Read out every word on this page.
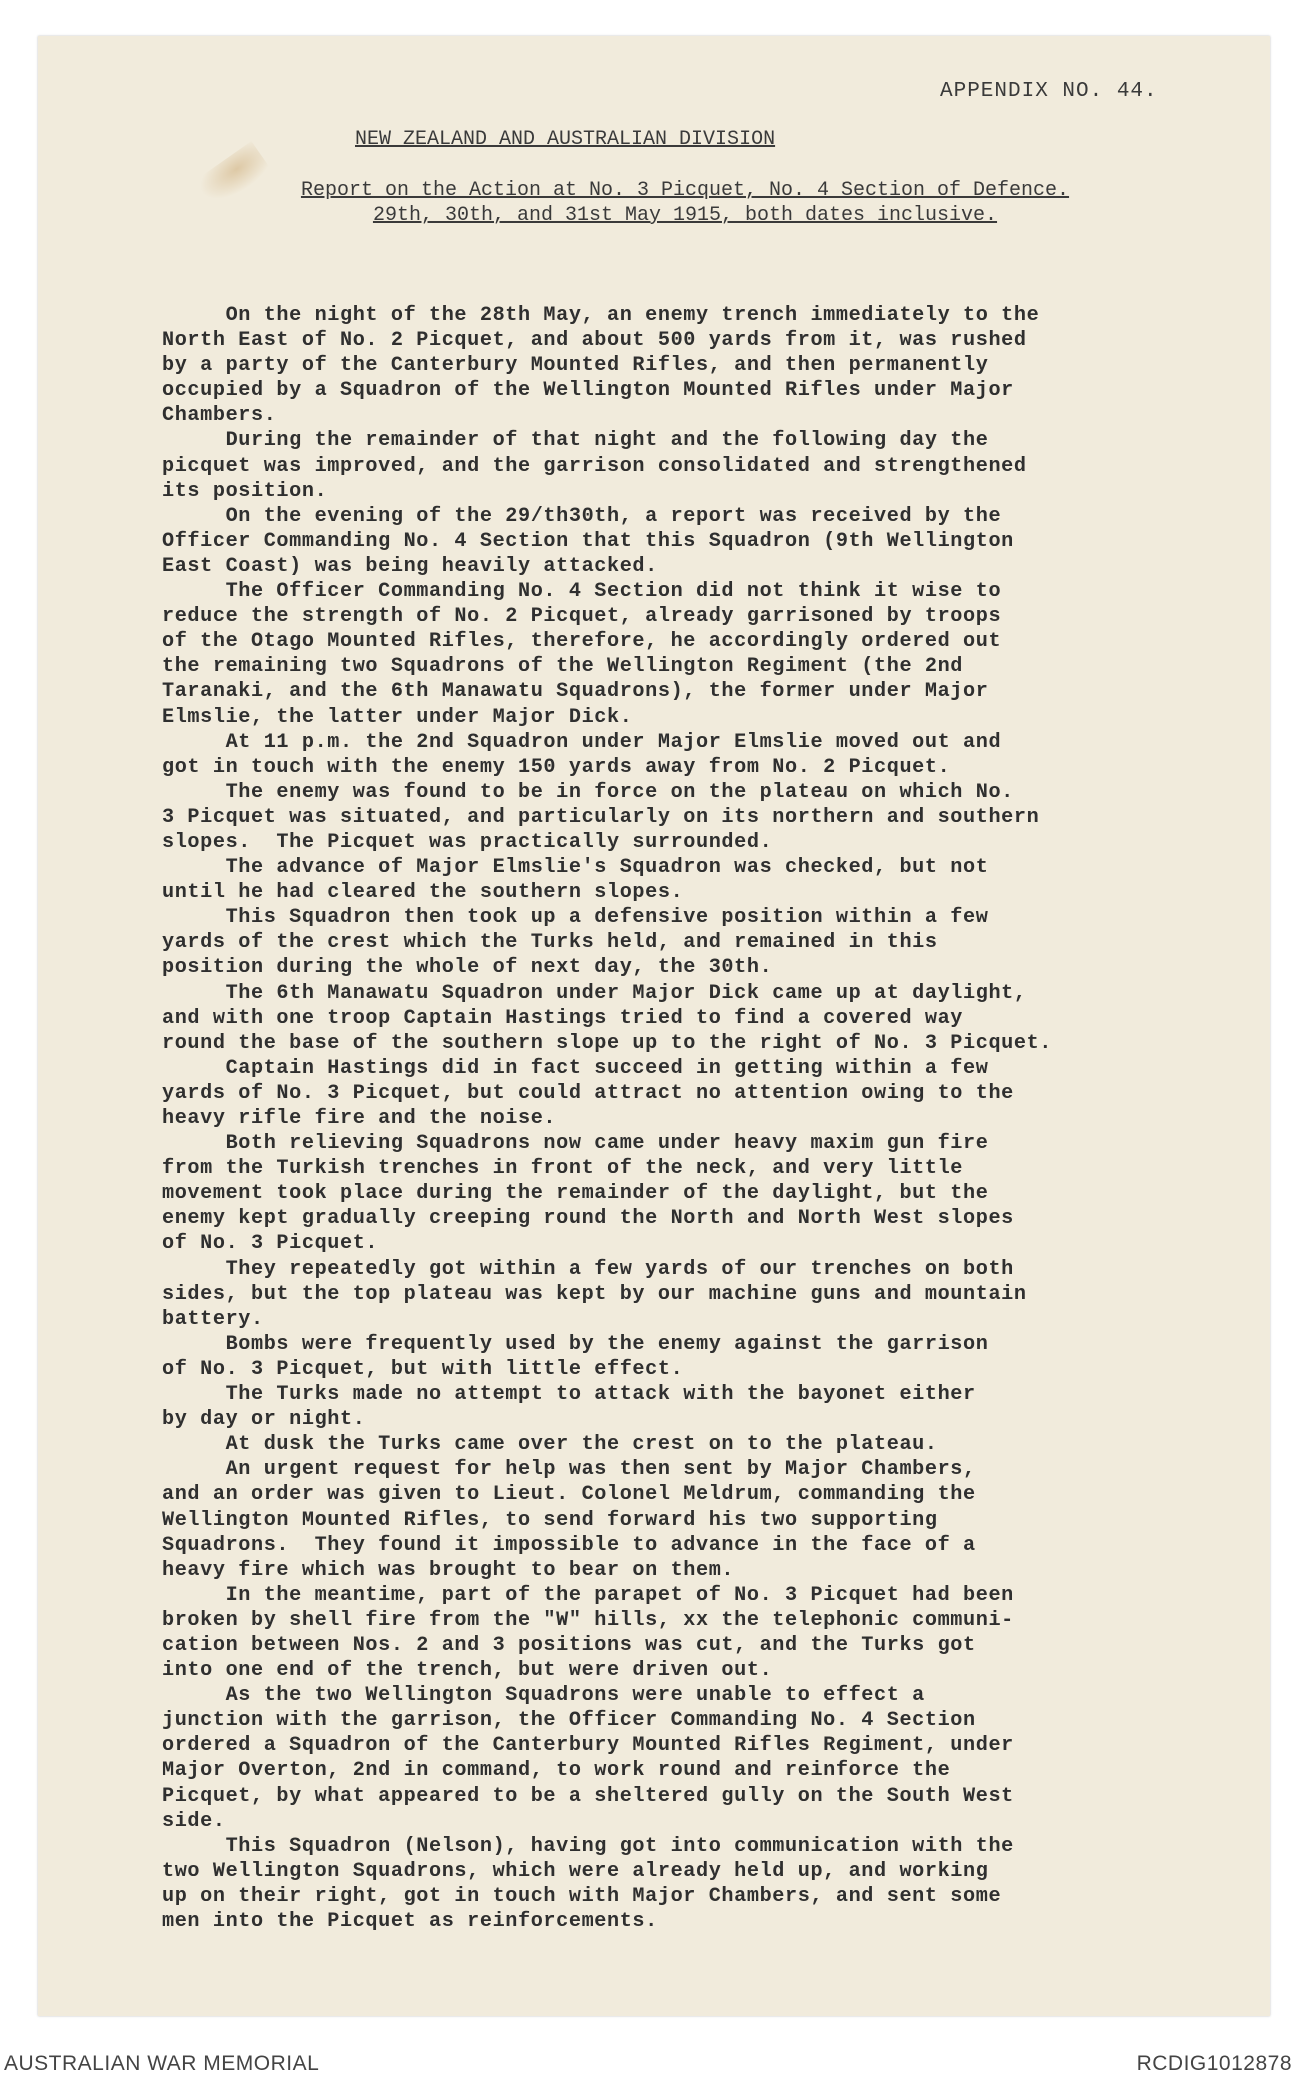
APPENDIX NO. 44.
NEW ZEALAND AND AUSTRALIAN DIVISION
Report on the Action at No. 3 Picquet, No. 4 Section of Defence.
29th, 30th, and 31st May 1915, both dates inclusive.
On the night of the 28th May, an enemy trench immediately to the
North East of No. 2 Picquet, and about 500 yards from it, was rushed
by a party of the Canterbury Mounted Rifles, and then permanently
occupied by a Squadron of the Wellington Mounted Rifles under Major
Chambers.
During the remainder of that night and the following day the
picquet was improved, and the garrison consolidated and strengthened
its position.
On the evening of the 29/th30th, a report was received by the
Officer Commanding No. 4 Section that this Squadron (9th Wellington
East Coast) was being heavily attacked.
The Officer Commanding No. 4 Section did not think it wise to
reduce the strength of No. 2 Picquet, already garrisoned by troops
of the Otago Mounted Rifles, therefore, he accordingly ordered out
the remaining two Squadrons of the Wellington Regiment (the 2nd
Taranaki, and the 6th Manawatu Squadrons), the former under Major
Elmslie, the latter under Major Dick.
At 11 p.m. the 2nd Squadron under Major Elmslie moved out and
got in touch with the enemy 150 yards away from No. 2 Picquet.
The enemy was found to be in force on the plateau on which No.
3 Picquet was situated, and particularly on its northern and southern
slopes.  The Picquet was practically surrounded.
The advance of Major Elmslie's Squadron was checked, but not
until he had cleared the southern slopes.
This Squadron then took up a defensive position within a few
yards of the crest which the Turks held, and remained in this
position during the whole of next day, the 30th.
The 6th Manawatu Squadron under Major Dick came up at daylight,
and with one troop Captain Hastings tried to find a covered way
round the base of the southern slope up to the right of No. 3 Picquet.
Captain Hastings did in fact succeed in getting within a few
yards of No. 3 Picquet, but could attract no attention owing to the
heavy rifle fire and the noise.
Both relieving Squadrons now came under heavy maxim gun fire
from the Turkish trenches in front of the neck, and very little
movement took place during the remainder of the daylight, but the
enemy kept gradually creeping round the North and North West slopes
of No. 3 Picquet.
They repeatedly got within a few yards of our trenches on both
sides, but the top plateau was kept by our machine guns and mountain
battery.
Bombs were frequently used by the enemy against the garrison
of No. 3 Picquet, but with little effect.
The Turks made no attempt to attack with the bayonet either
by day or night.
At dusk the Turks came over the crest on to the plateau.
An urgent request for help was then sent by Major Chambers,
and an order was given to Lieut. Colonel Meldrum, commanding the
Wellington Mounted Rifles, to send forward his two supporting
Squadrons.  They found it impossible to advance in the face of a
heavy fire which was brought to bear on them.
In the meantime, part of the parapet of No. 3 Picquet had been
broken by shell fire from the "W" hills, xx the telephonic communi-
cation between Nos. 2 and 3 positions was cut, and the Turks got
into one end of the trench, but were driven out.
As the two Wellington Squadrons were unable to effect a
junction with the garrison, the Officer Commanding No. 4 Section
ordered a Squadron of the Canterbury Mounted Rifles Regiment, under
Major Overton, 2nd in command, to work round and reinforce the
Picquet, by what appeared to be a sheltered gully on the South West
side.
This Squadron (Nelson), having got into communication with the
two Wellington Squadrons, which were already held up, and working
up on their right, got in touch with Major Chambers, and sent some
men into the Picquet as reinforcements.
AUSTRALIAN WAR MEMORIAL	RCDIG1012878
